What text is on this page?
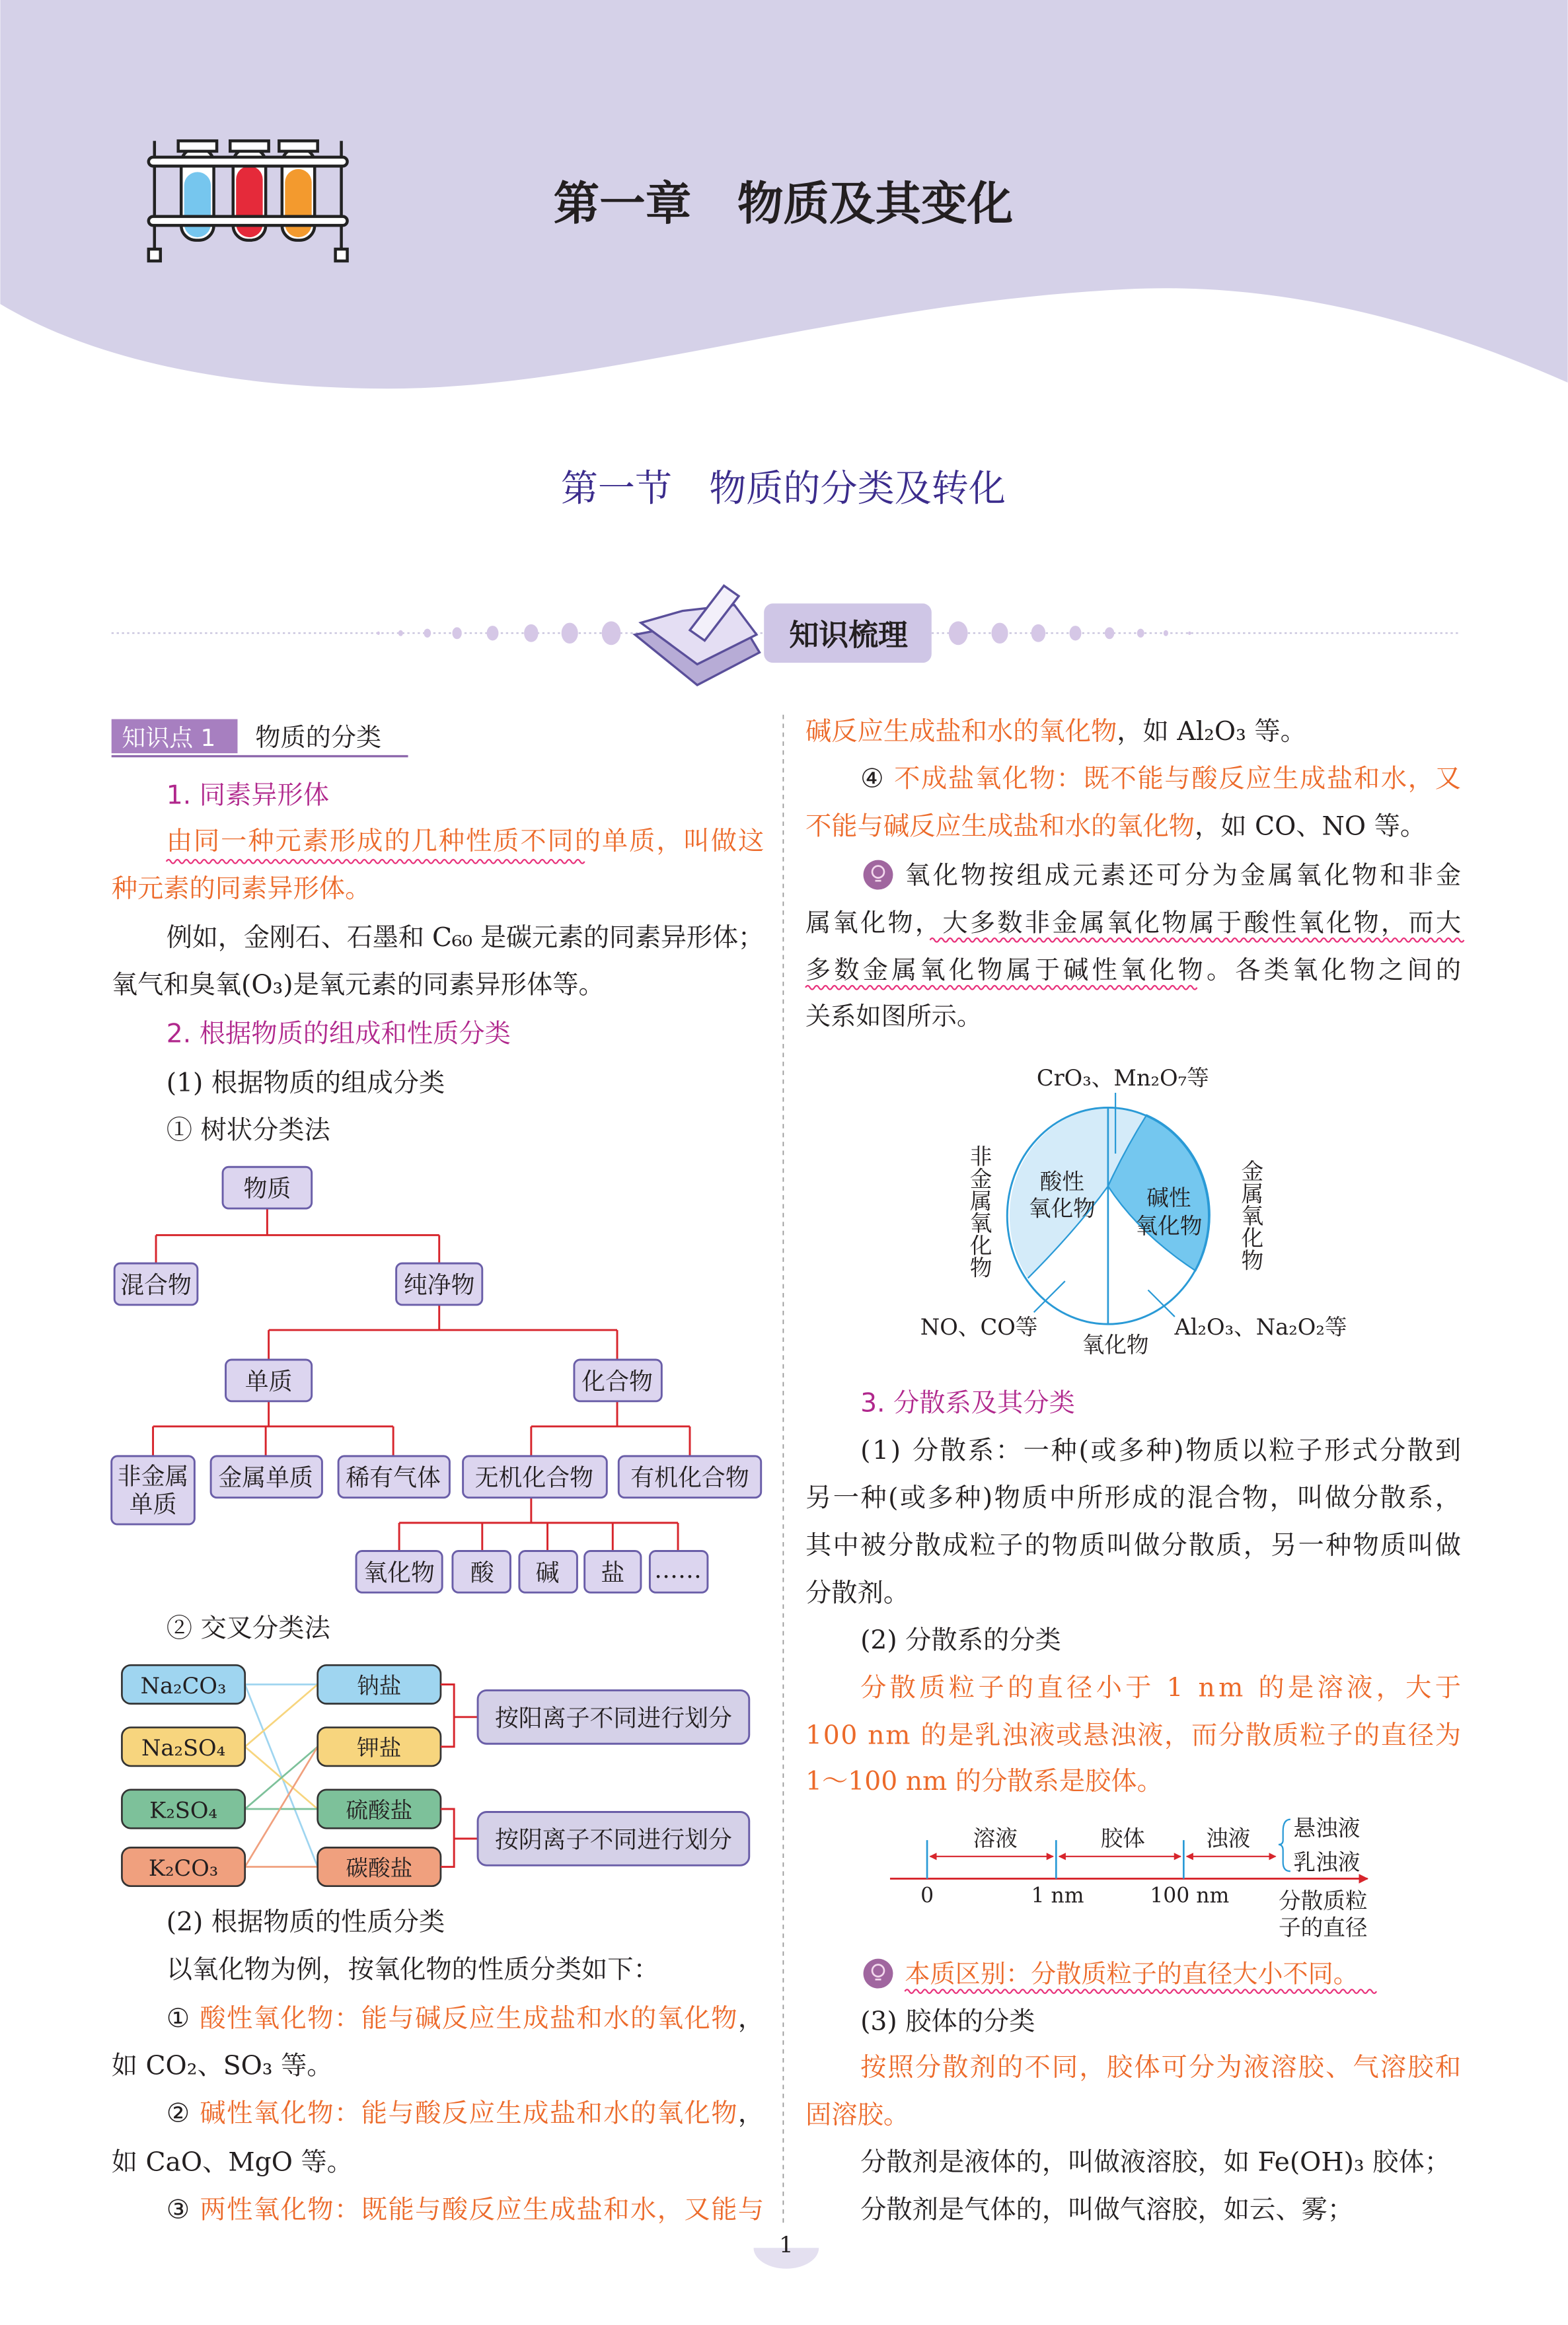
第一章　物质及其变化
第一节　物质的分类及转化
知识梳理
知识点 1	物质的分类
1. 同素异形体
由同一种元素形成的几种性质不同的单质 ，叫做这
种元素的同素异形体。
例如，金刚石、石墨和 C₆₀ 是碳元素的同素异形体；
氧气和臭氧(O₃)是氧元素的同素异形体等。
2. 根据物质的组成和性质分类
(1) 根据物质的组成分类
① 树状分类法
物质
混合物	纯净物
单质	化合物
非金属
单质
金属单质	稀有气体	无机化合物	有机化合物
氧化物	酸	碱	盐	……
② 交叉分类法
Na₂CO₃
Na₂SO₄
K₂SO₄
K₂CO₃
钠盐
钾盐
硫酸盐
碳酸盐
按阳离子不同进行划分
按阴离子不同进行划分
(2) 根据物质的性质分类
以氧化物为例，按氧化物的性质分类如下：
① 酸性氧化物：能与碱反应生成盐和水的氧化物，
如 CO₂、SO₃ 等。
② 碱性氧化物：能与酸反应生成盐和水的氧化物，
如 CaO、MgO 等。
③ 两性氧化物：既能与酸反应生成盐和水，又能与
碱反应生成盐和水的氧化物，如 Al₂O₃ 等。
④ 不成盐氧化物：既不能与酸反应生成盐和水，又
不能与碱反应生成盐和水的氧化物，如 CO、NO 等。
氧化物按组成元素还可分为金属氧化物和非金
属氧化物， 大多数非金属氧化物属于酸性氧化物，而大
多数金属氧化物属于碱性氧化物 。各类氧化物之间的
关系如图所示。
CrO₃、Mn₂O₇等
酸性
氧化物	碱性
氧化物
非金属氧化物	金属氧化物
NO、CO等
氧化物
Al₂O₃、Na₂O₂等
3. 分散系及其分类
(1) 分散系：一种(或多种)物质以粒子形式分散到
另一种(或多种)物质中所形成的混合物，叫做分散系，
其中被分散成粒子的物质叫做分散质，另一种物质叫做
分散剂。
(2) 分散系的分类
分散质粒子的直径小于 1 nm 的是溶液，大于
100 nm 的是乳浊液或悬浊液，而分散质粒子的直径为
1～100 nm 的分散系是胶体。
溶液	胶体	浊液	悬浊液
乳浊液
0	1 nm	100 nm	分散质粒
子的直径
本质区别：分散质粒子的直径大小不同。
(3) 胶体的分类
按照分散剂的不同，胶体可分为液溶胶、气溶胶和
固溶胶。
分散剂是液体的，叫做液溶胶，如 Fe(OH)₃ 胶体；
分散剂是气体的，叫做气溶胶，如云、雾；
1
